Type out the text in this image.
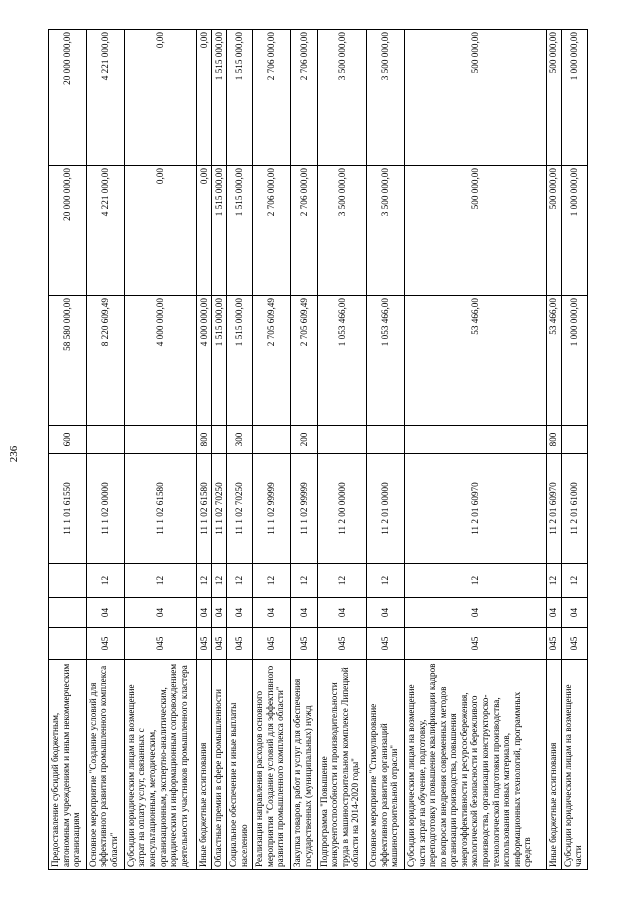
236
Предоставление субсидий бюджетным, автономным учреждениям и иным некоммерческим организациям				11 1 01 61550	600	58 580 000,00	20 000 000,00	20 000 000,00
Основное мероприятие "Создание условий для эффективного развития промышленного комплекса области"	045	04	12	11 1 02 00000		8 220 609,49	4 221 000,00	4 221 000,00
Субсидии юридическим лицам на возмещение затрат на оплату услуг, связанных с консультационным, методическим, организационным, экспертно-аналитическим, юридическим и информационным сопровождением деятельности участников промышленного кластера	045	04	12	11 1 02 61580		4 000 000,00	0,00	0,00
Иные бюджетные ассигнования	045	04	12	11 1 02 61580	800	4 000 000,00	0,00	0,00
Областные премии в сфере промышленности	045	04	12	11 1 02 70250		1 515 000,00	1 515 000,00	1 515 000,00
Социальное обеспечение и иные выплаты населению	045	04	12	11 1 02 70250	300	1 515 000,00	1 515 000,00	1 515 000,00
Реализация направления расходов основного мероприятия "Создание условий для эффективного развития промышленного комплекса области"	045	04	12	11 1 02 99999		2 705 609,49	2 706 000,00	2 706 000,00
Закупка товаров, работ и услуг для обеспечения государственных (муниципальных) нужд	045	04	12	11 1 02 99999	200	2 705 609,49	2 706 000,00	2 706 000,00
Подпрограмма "Повышение конкурентоспособности и производительности труда в машиностроительном комплексе Липецкой области на 2014-2020 годы"	045	04	12	11 2 00 00000		1 053 466,00	3 500 000,00	3 500 000,00
Основное мероприятие "Стимулирование эффективного развития организаций машиностроительной отрасли"	045	04	12	11 2 01 00000		1 053 466,00	3 500 000,00	3 500 000,00
Субсидии юридическим лицам на возмещение части затрат на обучение, подготовку, переподготовку и повышение квалификации кадров по вопросам внедрения современных методов организации производства, повышения энергоэффективности и ресурсосбережения, экологической безопасности и бережливого производства, организации конструкторско-технологической подготовки производства, использования новых материалов, информационных технологий, программных средств	045	04	12	11 2 01 60970		53 466,00	500 000,00	500 000,00
Иные бюджетные ассигнования	045	04	12	11 2 01 60970	800	53 466,00	500 000,00	500 000,00
Субсидии юридическим лицам на возмещение части	045	04	12	11 2 01 61000		1 000 000,00	1 000 000,00	1 000 000,00
